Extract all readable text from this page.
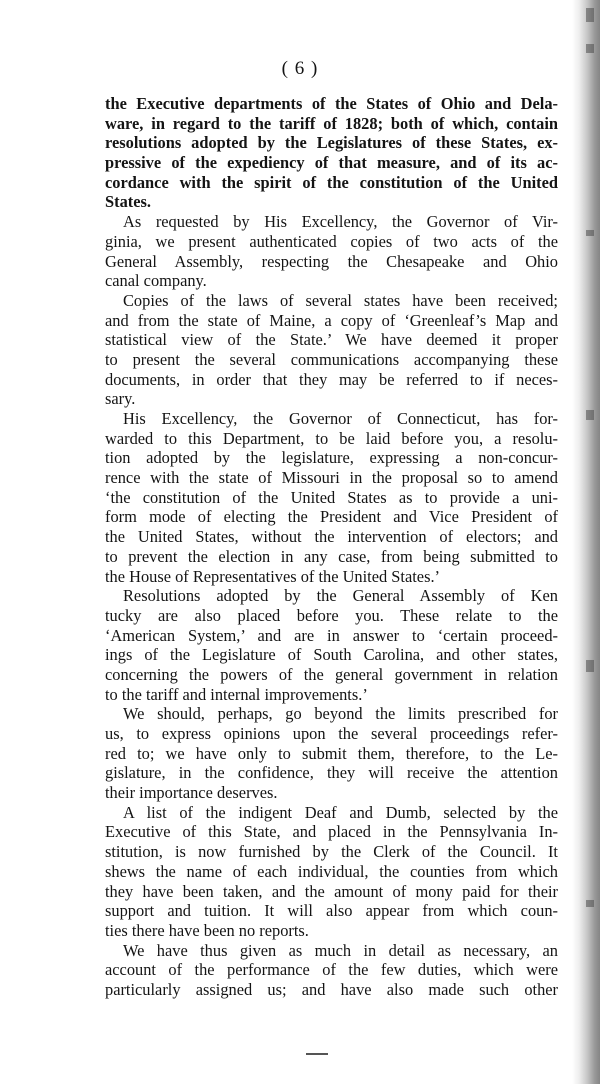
( 6 )
the Executive departments of the States of Ohio and Dela-
ware, in regard to the tariff of 1828; both of which, contain
resolutions adopted by the Legislatures of these States, ex-
pressive of the expediency of that measure, and of its ac-
cordance with the spirit of the constitution of the United
States.
As requested by His Excellency, the Governor of Vir-
ginia, we present authenticated copies of two acts of the
General Assembly, respecting the Chesapeake and Ohio
canal company.
Copies of the laws of several states have been received;
and from the state of Maine, a copy of ‘Greenleaf’s Map and
statistical view of the State.’ We have deemed it proper
to present the several communications accompanying these
documents, in order that they may be referred to if neces-
sary.
His Excellency, the Governor of Connecticut, has for-
warded to this Department, to be laid before you, a resolu-
tion adopted by the legislature, expressing a non-concur-
rence with the state of Missouri in the proposal so to amend
‘the constitution of the United States as to provide a uni-
form mode of electing the President and Vice President of
the United States, without the intervention of electors; and
to prevent the election in any case, from being submitted to
the House of Representatives of the United States.’
Resolutions adopted by the General Assembly of Ken
tucky are also placed before you. These relate to the
‘American System,’ and are in answer to ‘certain proceed-
ings of the Legislature of South Carolina, and other states,
concerning the powers of the general government in relation
to the tariff and internal improvements.’
We should, perhaps, go beyond the limits prescribed for
us, to express opinions upon the several proceedings refer-
red to; we have only to submit them, therefore, to the Le-
gislature, in the confidence, they will receive the attention
their importance deserves.
A list of the indigent Deaf and Dumb, selected by the
Executive of this State, and placed in the Pennsylvania In-
stitution, is now furnished by the Clerk of the Council. It
shews the name of each individual, the counties from which
they have been taken, and the amount of mony paid for their
support and tuition. It will also appear from which coun-
ties there have been no reports.
We have thus given as much in detail as necessary, an
account of the performance of the few duties, which were
particularly assigned us; and have also made such other
